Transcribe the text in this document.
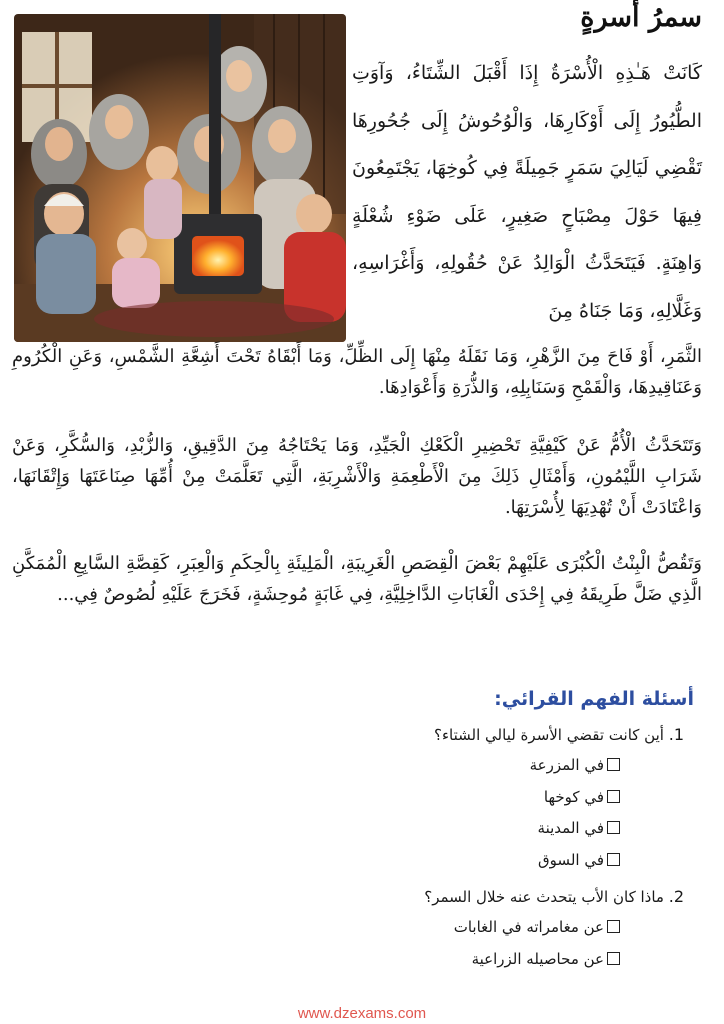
سمرُ أسرةٍ

كَانَتْ هَـٰذِهِ الْأُسْرَةُ إِذَا أَقْبَلَ الشِّتَاءُ، وَآوَتِ الطُّيُورُ إِلَى أَوْكَارِهَا، وَالْوُحُوشُ إِلَى جُحُورِهَا تَقْضِي لَيَالِيَ سَمَرٍ جَمِيلَةً فِي كُوخِهَا، يَجْتَمِعُونَ فِيهَا حَوْلَ مِصْبَاحٍ صَغِيرٍ، عَلَى ضَوْءِ شُعْلَةٍ وَاهِنَةٍ. فَيَتَحَدَّثُ الْوَالِدُ عَنْ حُقُولِهِ، وَأَغْرَاسِهِ، وَغَلَّالِهِ، وَمَا جَنَاهُ مِنَ

الثَّمَرِ، أَوْ فَاحَ مِنَ الزَّهْرِ، وَمَا نَقَلَهُ مِنْهَا إِلَى الظِّلِّ، وَمَا أَبْقَاهُ تَحْتَ أَشِعَّةِ الشَّمْسِ، وَعَنِ الْكُرُومِ وَعَنَاقِيدِهَا، وَالْقَمْحِ وَسَنَابِلِهِ، وَالذُّرَةِ وَأَعْوَادِهَا.

وَتَتَحَدَّثُ الْأُمُّ عَنْ كَيْفِيَّةِ تَحْضِيرِ الْكَعْكِ الْجَيِّدِ، وَمَا يَحْتَاجُهُ مِنَ الدَّقِيقِ، وَالزُّبْدِ، وَالسُّكَّرِ، وَعَنْ شَرَابِ اللَّيْمُونِ، وَأَمْثَالِ ذَلِكَ مِنَ الْأَطْعِمَةِ وَالْأَشْرِبَةِ، الَّتِي تَعَلَّمَتْ مِنْ أُمِّهَا صِنَاعَتَهَا وَإِتْقَانَهَا، وَاعْتَادَتْ أَنْ تُهْدِيَهَا لِأُسْرَتِهَا.

وَتَقُصُّ الْبِنْتُ الْكُبْرَى عَلَيْهِمْ بَعْضَ الْقِصَصِ الْغَرِيبَةِ، الْمَلِيئَةِ بِالْحِكَمِ وَالْعِبَرِ، كَقِصَّةِ السَّابِعِ الْمُمَكَّنِ الَّذِي ضَلَّ طَرِيقَهُ فِي إِحْدَى الْغَابَاتِ الدَّاخِلِيَّةِ، فِي غَابَةٍ مُوحِشَةٍ، فَخَرَجَ عَلَيْهِ لُصُوصٌ فِي...

أسئلة الفهم القرائي:
1. أين كانت تقضي الأسرة ليالي الشتاء؟
في المزرعة
في كوخها
في المدينة
في السوق
2. ماذا كان الأب يتحدث عنه خلال السمر؟
عن مغامراته في الغابات
عن محاصيله الزراعية
www.dzexams.com
